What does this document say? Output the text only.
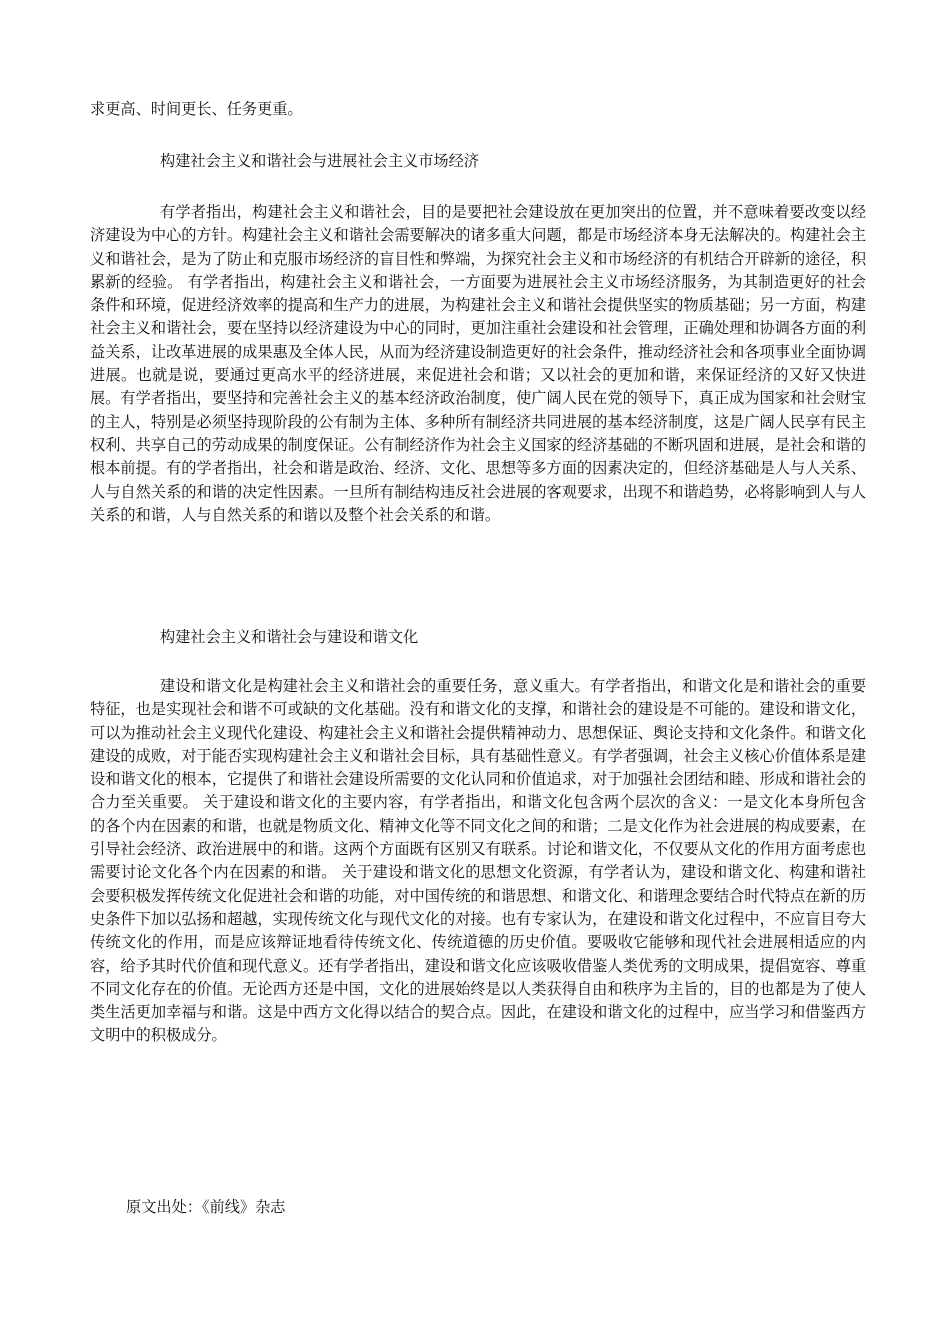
求更高、时间更长、任务更重。

构建社会主义和谐社会与进展社会主义市场经济

有学者指出，构建社会主义和谐社会，目的是要把社会建设放在更加突出的位置，并不意味着要改变以经济建设为中心的方针。构建社会主义和谐社会需要解决的诸多重大问题，都是市场经济本身无法解决的。构建社会主义和谐社会，是为了防止和克服市场经济的盲目性和弊端，为探究社会主义和市场经济的有机结合开辟新的途径，积累新的经验。 有学者指出，构建社会主义和谐社会，一方面要为进展社会主义市场经济服务，为其制造更好的社会条件和环境，促进经济效率的提高和生产力的进展，为构建社会主义和谐社会提供坚实的物质基础；另一方面，构建社会主义和谐社会，要在坚持以经济建设为中心的同时，更加注重社会建设和社会管理，正确处理和协调各方面的利益关系，让改革进展的成果惠及全体人民，从而为经济建设制造更好的社会条件，推动经济社会和各项事业全面协调进展。也就是说，要通过更高水平的经济进展，来促进社会和谐；又以社会的更加和谐，来保证经济的又好又快进展。有学者指出，要坚持和完善社会主义的基本经济政治制度，使广阔人民在党的领导下，真正成为国家和社会财宝的主人，特别是必须坚持现阶段的公有制为主体、多种所有制经济共同进展的基本经济制度，这是广阔人民享有民主权利、共享自己的劳动成果的制度保证。公有制经济作为社会主义国家的经济基础的不断巩固和进展，是社会和谐的根本前提。有的学者指出，社会和谐是政治、经济、文化、思想等多方面的因素决定的，但经济基础是人与人关系、人与自然关系的和谐的决定性因素。一旦所有制结构违反社会进展的客观要求，出现不和谐趋势，必将影响到人与人关系的和谐，人与自然关系的和谐以及整个社会关系的和谐。

构建社会主义和谐社会与建设和谐文化

建设和谐文化是构建社会主义和谐社会的重要任务，意义重大。有学者指出，和谐文化是和谐社会的重要特征，也是实现社会和谐不可或缺的文化基础。没有和谐文化的支撑，和谐社会的建设是不可能的。建设和谐文化，可以为推动社会主义现代化建设、构建社会主义和谐社会提供精神动力、思想保证、舆论支持和文化条件。和谐文化建设的成败，对于能否实现构建社会主义和谐社会目标，具有基础性意义。有学者强调，社会主义核心价值体系是建设和谐文化的根本，它提供了和谐社会建设所需要的文化认同和价值追求，对于加强社会团结和睦、形成和谐社会的合力至关重要。 关于建设和谐文化的主要内容，有学者指出，和谐文化包含两个层次的含义：一是文化本身所包含的各个内在因素的和谐，也就是物质文化、精神文化等不同文化之间的和谐；二是文化作为社会进展的构成要素，在引导社会经济、政治进展中的和谐。这两个方面既有区别又有联系。讨论和谐文化，不仅要从文化的作用方面考虑也需要讨论文化各个内在因素的和谐。 关于建设和谐文化的思想文化资源，有学者认为，建设和谐文化、构建和谐社会要积极发挥传统文化促进社会和谐的功能，对中国传统的和谐思想、和谐文化、和谐理念要结合时代特点在新的历史条件下加以弘扬和超越，实现传统文化与现代文化的对接。也有专家认为，在建设和谐文化过程中，不应盲目夸大传统文化的作用，而是应该辩证地看待传统文化、传统道德的历史价值。要吸收它能够和现代社会进展相适应的内容，给予其时代价值和现代意义。还有学者指出，建设和谐文化应该吸收借鉴人类优秀的文明成果，提倡宽容、尊重不同文化存在的价值。无论西方还是中国，文化的进展始终是以人类获得自由和秩序为主旨的，目的也都是为了使人类生活更加幸福与和谐。这是中西方文化得以结合的契合点。因此，在建设和谐文化的过程中，应当学习和借鉴西方文明中的积极成分。

原文出处：《前线》杂志
